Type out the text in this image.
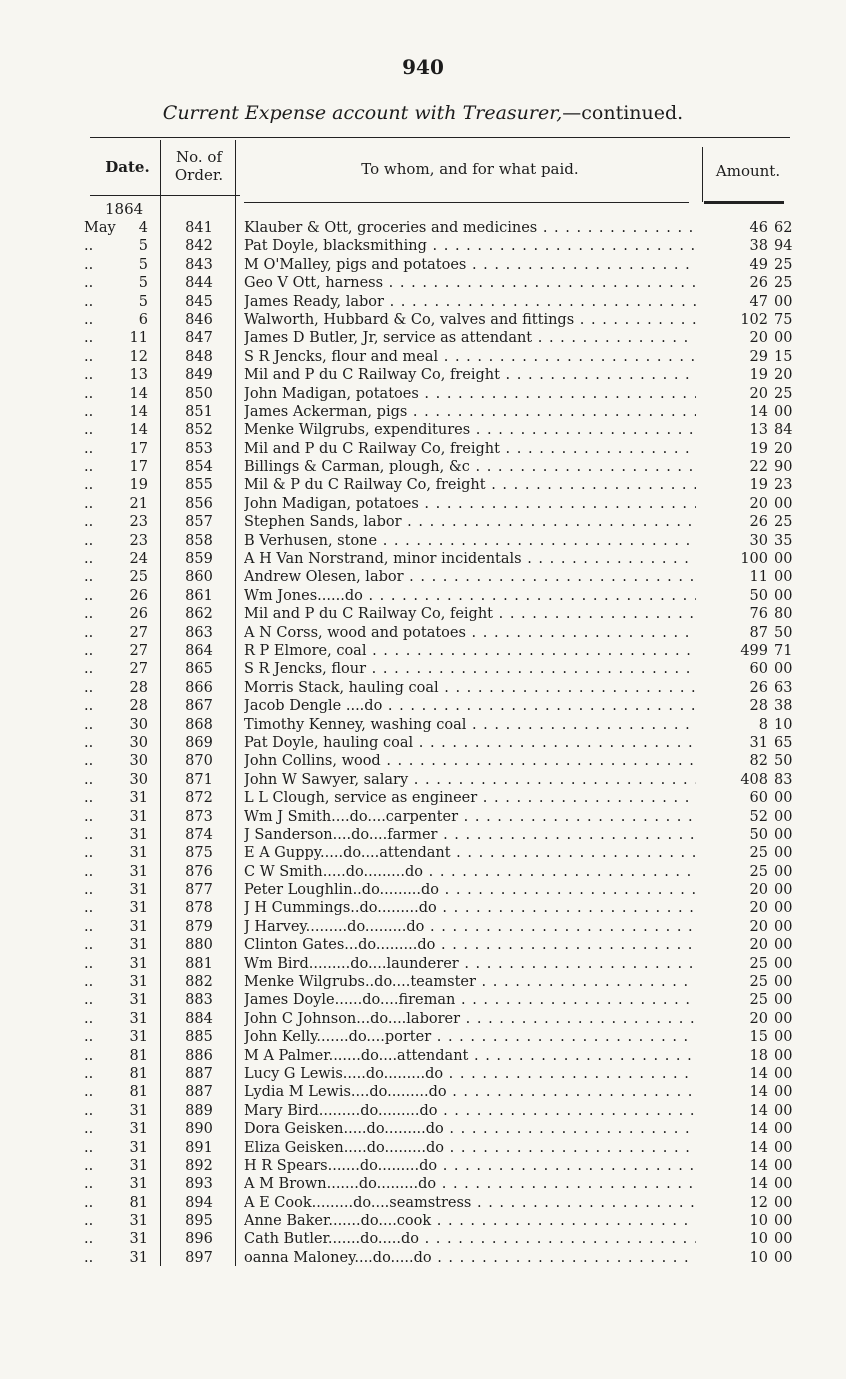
940
Current Expense account with Treasurer,—continued.
Date.
No. of
Order.	To whom, and for what paid.	Amount.
1864
May	4	841	Klauber & Ott, groceries and medicines . . .	46 62
..	5	842	Pat Doyle, blacksmithing . . .	38 94
..	5	843	M O'Malley, pigs and potatoes . . .	49 25
..	5	844	Geo V Ott, harness . . .	26 25
..	5	845	James Ready, labor . . .	47 00
..	6	846	Walworth, Hubbard & Co, valves and fittings . . .	102 75
..	11	847	James D Butler, Jr, service as attendant . . .	20 00
..	12	848	S R Jencks, flour and meal . . .	29 15
..	13	849	Mil and P du C Railway Co, freight . . .	19 20
..	14	850	John Madigan, potatoes . . .	20 25
..	14	851	James Ackerman, pigs . . .	14 00
..	14	852	Menke Wilgrubs, expenditures . . .	13 84
..	17	853	Mil and P du C Railway Co, freight . . .	19 20
..	17	854	Billings & Carman, plough, &c . . .	22 90
..	19	855	Mil & P du C Railway Co, freight . . .	19 23
..	21	856	John Madigan, potatoes . . .	20 00
..	23	857	Stephen Sands, labor . . .	26 25
..	23	858	B Verhusen, stone . . .	30 35
..	24	859	A H Van Norstrand, minor incidentals . . .	100 00
..	25	860	Andrew Olesen, labor . . .	11 00
..	26	861	Wm Jones......do . . .	50 00
..	26	862	Mil and P du C Railway Co, feight . . .	76 80
..	27	863	A N Corss, wood and potatoes . . .	87 50
..	27	864	R P Elmore, coal . . .	499 71
..	27	865	S R Jencks, flour . . .	60 00
..	28	866	Morris Stack, hauling coal . . .	26 63
..	28	867	Jacob Dengle ....do . . .	28 38
..	30	868	Timothy Kenney, washing coal . . .	8 10
..	30	869	Pat Doyle, hauling coal . . .	31 65
..	30	870	John Collins, wood . . .	82 50
..	30	871	John W Sawyer, salary . . .	408 83
..	31	872	L L Clough, service as engineer . . .	60 00
..	31	873	Wm J Smith....do....carpenter . . .	52 00
..	31	874	J Sanderson....do....farmer . . .	50 00
..	31	875	E A Guppy.....do....attendant . . .	25 00
..	31	876	C W Smith.....do.........do . . .	25 00
..	31	877	Peter Loughlin..do.........do . . .	20 00
..	31	878	J H Cummings..do.........do . . .	20 00
..	31	879	J Harvey.........do.........do . . .	20 00
..	31	880	Clinton Gates...do.........do . . .	20 00
..	31	881	Wm Bird.........do....launderer . . .	25 00
..	31	882	Menke Wilgrubs..do....teamster . . .	25 00
..	31	883	James Doyle......do....fireman . . .	25 00
..	31	884	John C Johnson...do....laborer . . .	20 00
..	31	885	John Kelly.......do....porter . . .	15 00
..	81	886	M A Palmer.......do....attendant . . .	18 00
..	81	887	Lucy G Lewis.....do.........do . . .	14 00
..	81	887	Lydia M Lewis....do.........do . . .	14 00
..	31	889	Mary Bird.........do.........do . . .	14 00
..	31	890	Dora Geisken.....do.........do . . .	14 00
..	31	891	Eliza Geisken.....do.........do . . .	14 00
..	31	892	H R Spears.......do.........do . . .	14 00
..	31	893	A M Brown.......do.........do . . .	14 00
..	81	894	A E Cook.........do....seamstress . . .	12 00
..	31	895	Anne Baker.......do....cook . . .	10 00
..	31	896	Cath Butler.......do.....do . . .	10 00
..	31	897	oanna Maloney....do.....do . . .	10 00
